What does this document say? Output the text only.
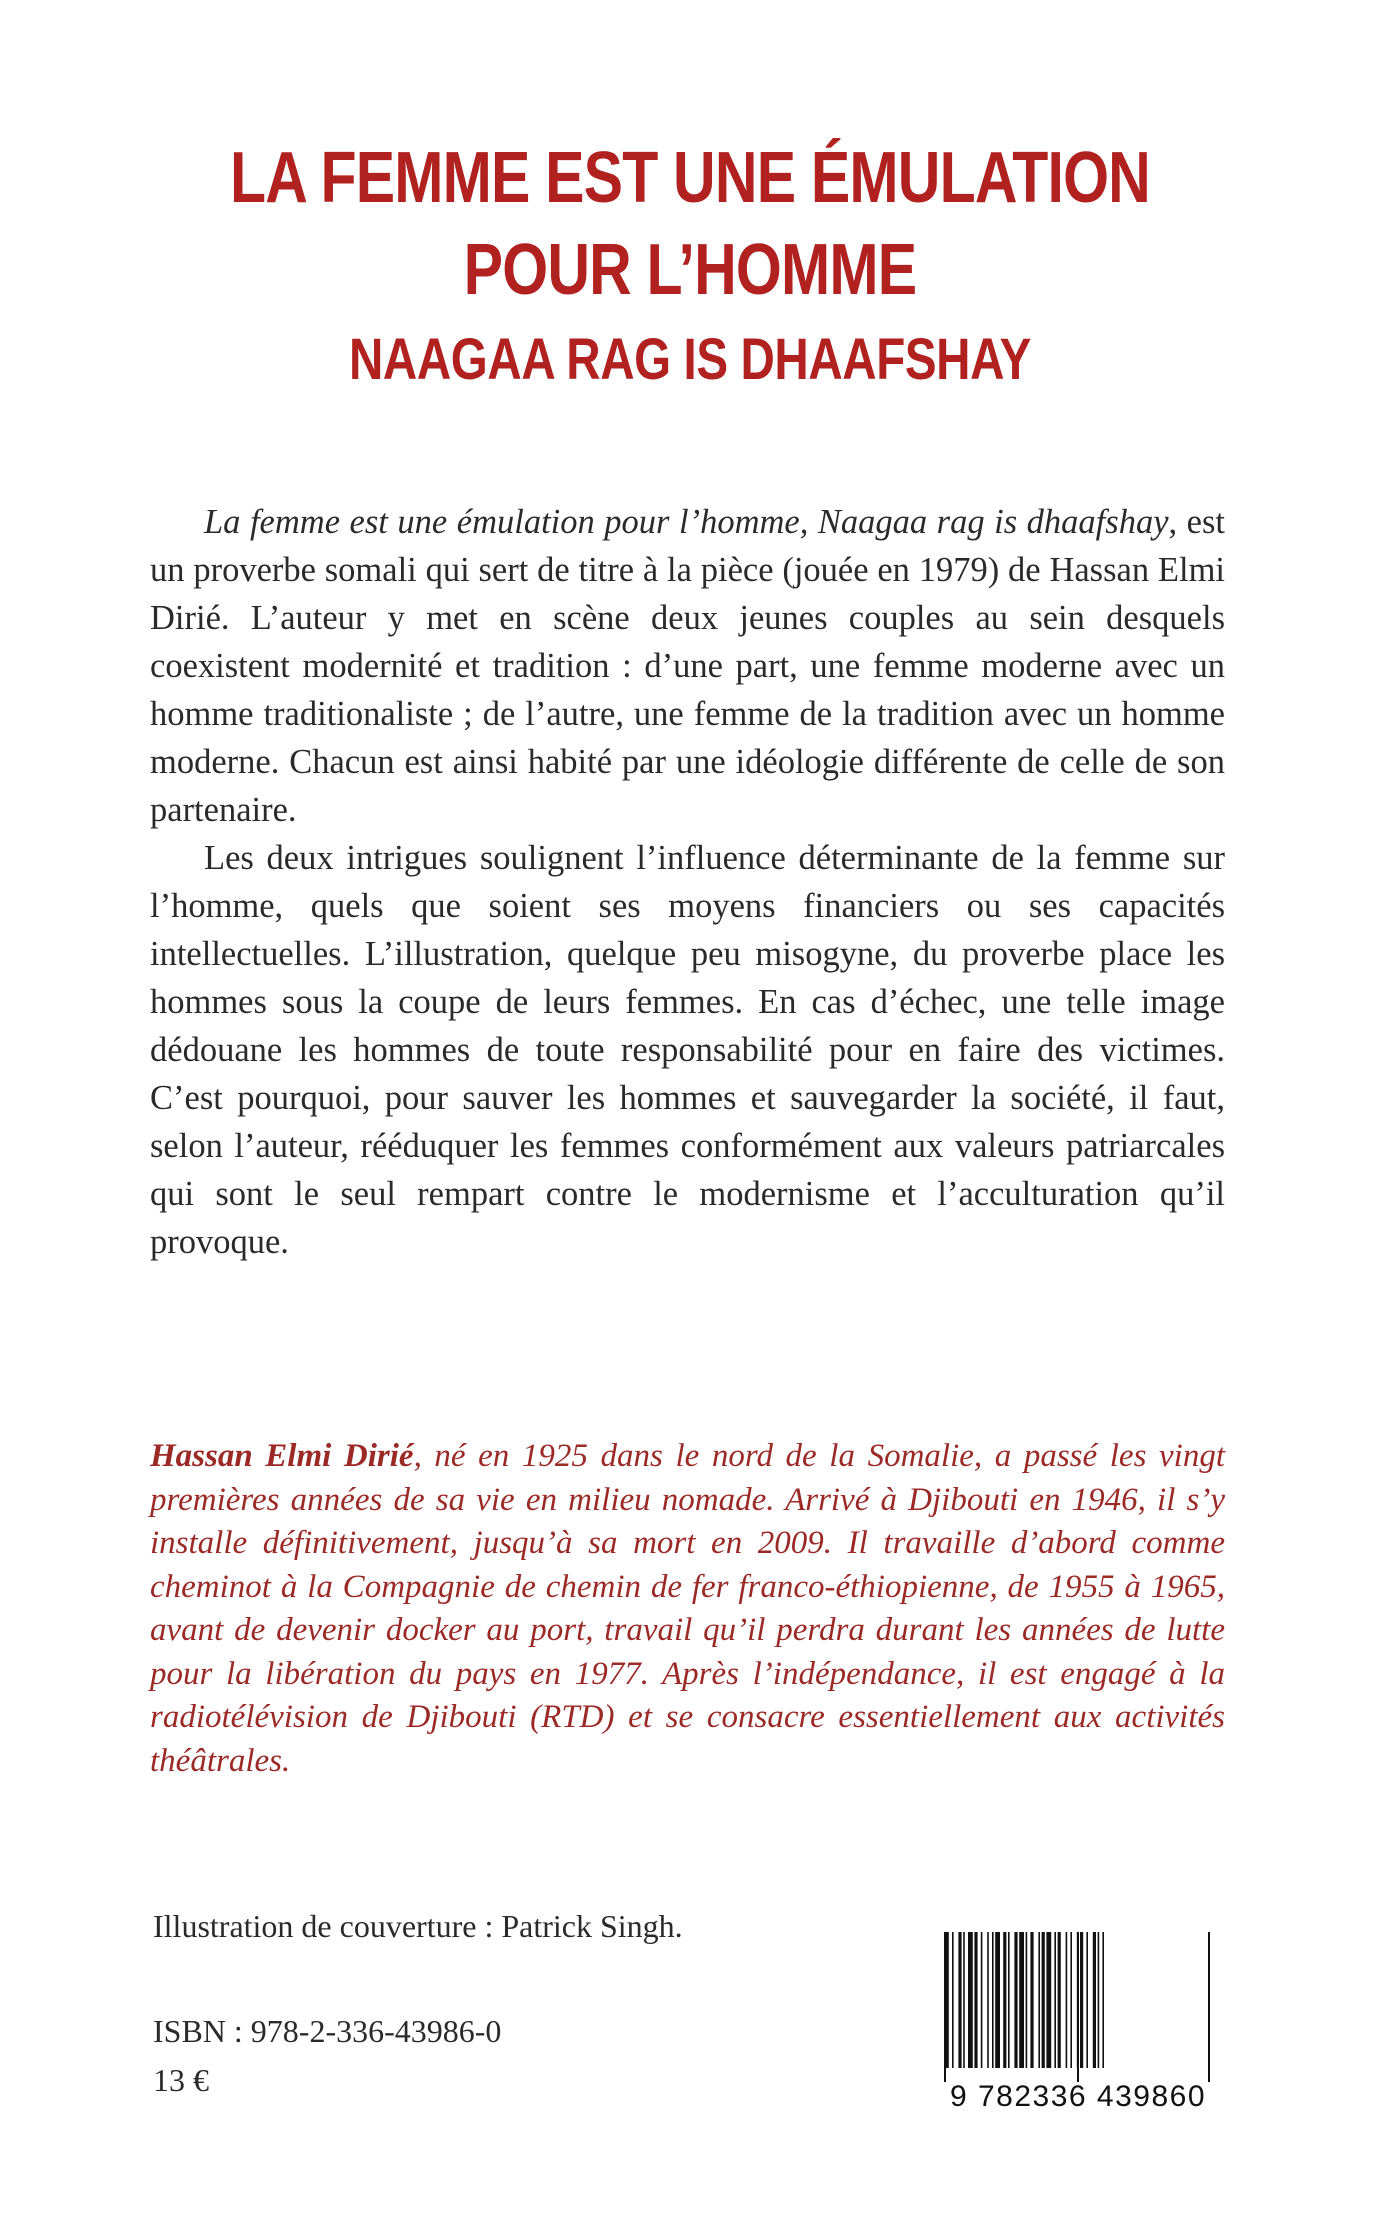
LA FEMME EST UNE ÉMULATION
POUR L’HOMME
NAAGAA RAG IS DHAAFSHAY

La femme est une émulation pour l’homme, Naagaa rag is dhaafshay, est un proverbe somali qui sert de titre à la pièce (jouée en 1979) de Hassan Elmi Dirié. L’auteur y met en scène deux jeunes couples au sein desquels coexistent modernité et tradition : d’une part, une femme moderne avec un homme traditionaliste ; de l’autre, une femme de la tradition avec un homme moderne. Chacun est ainsi habité par une idéologie différente de celle de son partenaire.

Les deux intrigues soulignent l’influence déterminante de la femme sur l’homme, quels que soient ses moyens financiers ou ses capacités intellectuelles. L’illustration, quelque peu misogyne, du proverbe place les hommes sous la coupe de leurs femmes. En cas d’échec, une telle image dédouane les hommes de toute responsabilité pour en faire des victimes. C’est pourquoi, pour sauver les hommes et sauvegarder la société, il faut, selon l’auteur, rééduquer les femmes conformément aux valeurs patriarcales qui sont le seul rempart contre le modernisme et l’acculturation qu’il provoque.

Hassan Elmi Dirié, né en 1925 dans le nord de la Somalie, a passé les vingt premières années de sa vie en milieu nomade. Arrivé à Djibouti en 1946, il s’y installe définitivement, jusqu’à sa mort en 2009. Il travaille d’abord comme cheminot à la Compagnie de chemin de fer franco-éthiopienne, de 1955 à 1965, avant de devenir docker au port, travail qu’il perdra durant les années de lutte pour la libération du pays en 1977. Après l’indépendance, il est engagé à la radiotélévision de Djibouti (RTD) et se consacre essentiellement aux activités théâtrales.
Illustration de couverture : Patrick Singh.
ISBN : 978-2-336-43986-0
13 €	9 782336 439860
